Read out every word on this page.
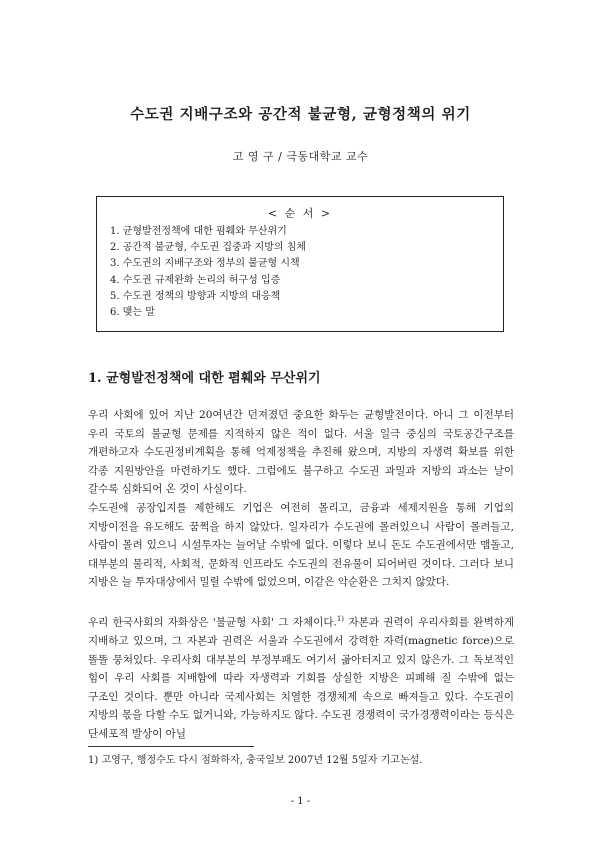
수도권 지배구조와 공간적 불균형, 균형정책의 위기
고 영 구 / 극동대학교 교수
< 순 서 >
1. 균형발전정책에 대한 폄훼와 무산위기
2. 공간적 불균형, 수도권 집중과 지방의 침체
3. 수도권의 지배구조와 정부의 불균형 시책
4. 수도권 규제완화 논리의 허구성 입증
5. 수도권 정책의 방향과 지방의 대응책
6. 맺는 말
1. 균형발전정책에 대한 폄훼와 무산위기

우리 사회에 있어 지난 20여년간 던져졌던 중요한 화두는 균형발전이다. 아니 그 이전부터 우리 국토의 불균형 문제를 지적하지 않은 적이 없다. 서울 일극 중심의 국토공간구조를 개편하고자 수도권정비계획을 통해 억제정책을 추진해 왔으며, 지방의 자생력 확보를 위한 각종 지원방안을 마련하기도 했다. 그럼에도 불구하고 수도권 과밀과 지방의 과소는 날이 갈수록 심화되어 온 것이 사실이다.

수도권에 공장입지를 제한해도 기업은 여전히 몰리고, 금융과 세제지원을 통해 기업의 지방이전을 유도해도 꿈쩍을 하지 않았다. 일자리가 수도권에 몰려있으니 사람이 몰려들고, 사람이 몰려 있으니 시설투자는 늘어날 수밖에 없다. 이렇다 보니 돈도 수도권에서만 맴돌고, 대부분의 물리적, 사회적, 문화적 인프라도 수도권의 전유물이 되어버린 것이다. 그러다 보니 지방은 늘 투자대상에서 밀릴 수밖에 없었으며, 이같은 악순환은 그치지 않았다.

우리 한국사회의 자화상은 '불균형 사회' 그 자체이다.$^{1)}$ 자본과 권력이 우리사회를 완벽하게 지배하고 있으며, 그 자본과 권력은 서울과 수도권에서 강력한 자력(magnetic force)으로 똘똘 뭉쳐있다. 우리사회 대부분의 부정부패도 여기서 곪아터지고 있지 않은가. 그 독보적인 힘이 우리 사회를 지배함에 따라 자생력과 기회를 상실한 지방은 피폐해 질 수밖에 없는 구조인 것이다. 뿐만 아니라 국제사회는 치열한 경쟁체제 속으로 빠져들고 있다. 수도권이 지방의 몫을 다할 수도 없거니와, 가능하지도 않다. 수도권 경쟁력이 국가경쟁력이라는 등식은 단세포적 발상이 아닐

1) 고영구, 행정수도 다시 점화하자, 충국일보 2007년 12월 5일자 기고논설.
- 1 -
